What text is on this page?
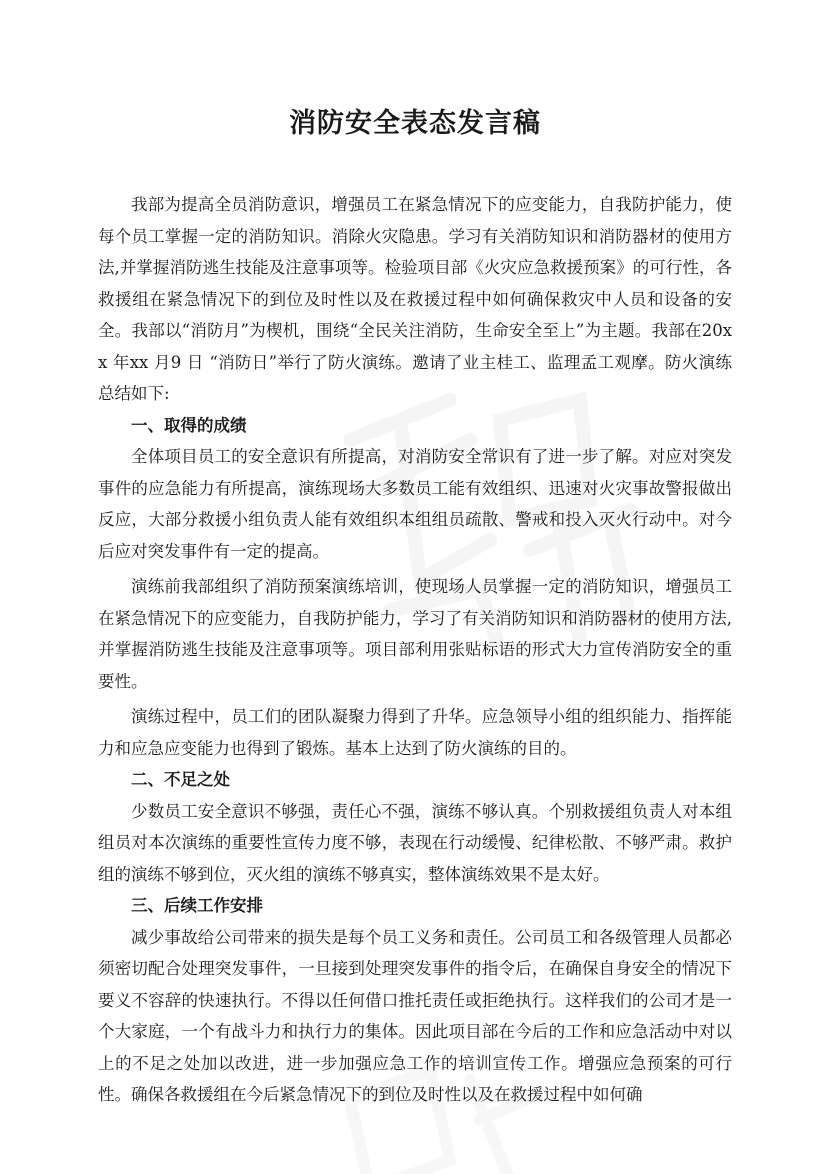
消防安全表态发言稿

我部为提高全员消防意识，增强员工在紧急情况下的应变能力，自我防护能力，使每个员工掌握一定的消防知识。消除火灾隐患。学习有关消防知识和消防器材的使用方法,并掌握消防逃生技能及注意事项等。检验项目部《火灾应急救援预案》的可行性，各救援组在紧急情况下的到位及时性以及在救援过程中如何确保救灾中人员和设备的安全。我部以“消防月”为楔机，围绕“全民关注消防，生命安全至上”为主题。我部在20xx 年xx 月9 日 “消防日”举行了防火演练。邀请了业主桂工、监理孟工观摩。防火演练总结如下:

一、取得的成绩

全体项目员工的安全意识有所提高，对消防安全常识有了进一步了解。对应对突发事件的应急能力有所提高，演练现场大多数员工能有效组织、迅速对火灾事故警报做出反应，大部分救援小组负责人能有效组织本组组员疏散、警戒和投入灭火行动中。对今后应对突发事件有一定的提高。

演练前我部组织了消防预案演练培训，使现场人员掌握一定的消防知识，增强员工在紧急情况下的应变能力，自我防护能力，学习了有关消防知识和消防器材的使用方法,并掌握消防逃生技能及注意事项等。项目部利用张贴标语的形式大力宣传消防安全的重要性。

演练过程中，员工们的团队凝聚力得到了升华。应急领导小组的组织能力、指挥能力和应急应变能力也得到了锻炼。基本上达到了防火演练的目的。

二、不足之处

少数员工安全意识不够强，责任心不强，演练不够认真。个别救援组负责人对本组组员对本次演练的重要性宣传力度不够，表现在行动缓慢、纪律松散、不够严肃。救护组的演练不够到位，灭火组的演练不够真实，整体演练效果不是太好。

三、后续工作安排

减少事故给公司带来的损失是每个员工义务和责任。公司员工和各级管理人员都必须密切配合处理突发事件，一旦接到处理突发事件的指令后，在确保自身安全的情况下要义不容辞的快速执行。不得以任何借口推托责任或拒绝执行。这样我们的公司才是一个大家庭，一个有战斗力和执行力的集体。因此项目部在今后的工作和应急活动中对以上的不足之处加以改进，进一步加强应急工作的培训宣传工作。增强应急预案的可行性。确保各救援组在今后紧急情况下的到位及时性以及在救援过程中如何确
